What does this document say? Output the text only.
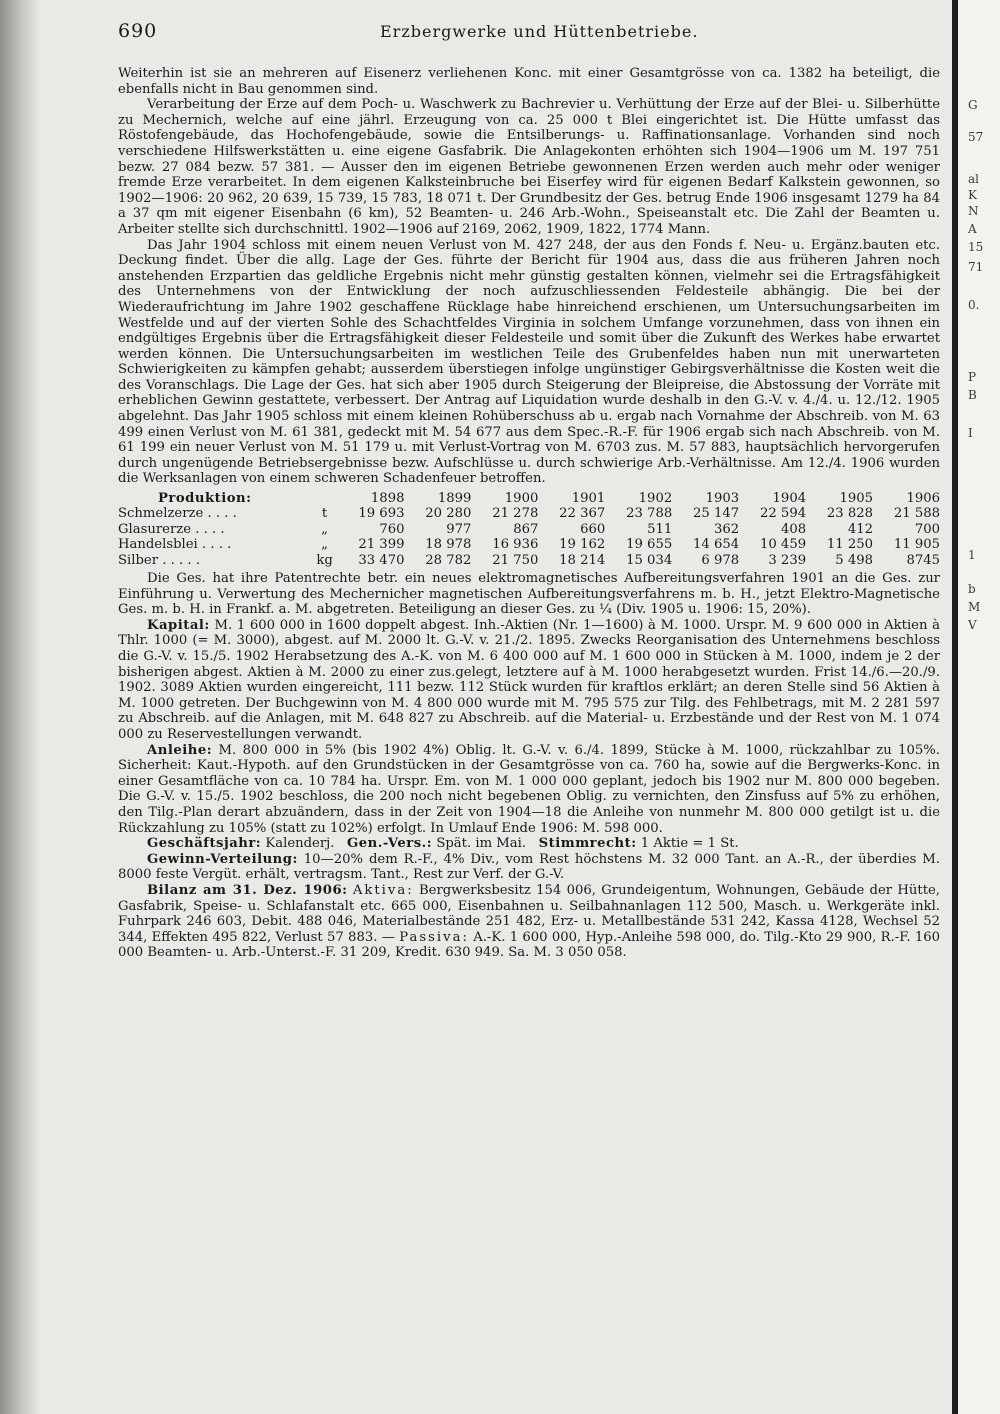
G
57
al
K
N
A
15
71
0.
P
B
I
1
b
M
V
690	Erzbergwerke und Hüttenbetriebe.

Weiterhin ist sie an mehreren auf Eisenerz verliehenen Konc. mit einer Gesamtgrösse von ca. 1382 ha beteiligt, die ebenfalls nicht in Bau genommen sind.

Verarbeitung der Erze auf dem Poch- u. Waschwerk zu Bachrevier u. Verhüttung der Erze auf der Blei- u. Silberhütte zu Mechernich, welche auf eine jährl. Erzeugung von ca. 25 000 t Blei eingerichtet ist. Die Hütte umfasst das Röstofengebäude, das Hochofengebäude, sowie die Entsilberungs- u. Raffinationsanlage. Vorhanden sind noch verschiedene Hilfswerkstätten u. eine eigene Gasfabrik. Die Anlagekonten erhöhten sich 1904—1906 um M. 197 751 bezw. 27 084 bezw. 57 381. — Ausser den im eigenen Betriebe gewonnenen Erzen werden auch mehr oder weniger fremde Erze verarbeitet. In dem eigenen Kalksteinbruche bei Eiserfey wird für eigenen Bedarf Kalkstein gewonnen, so 1902—1906: 20 962, 20 639, 15 739, 15 783, 18 071 t. Der Grundbesitz der Ges. betrug Ende 1906 insgesamt 1279 ha 84 a 37 qm mit eigener Eisenbahn (6 km), 52 Beamten- u. 246 Arb.-Wohn., Speiseanstalt etc. Die Zahl der Beamten u. Arbeiter stellte sich durchschnittl. 1902—1906 auf 2169, 2062, 1909, 1822, 1774 Mann.

Das Jahr 1904 schloss mit einem neuen Verlust von M. 427 248, der aus den Fonds f. Neu- u. Ergänz.bauten etc. Deckung findet. Über die allg. Lage der Ges. führte der Bericht für 1904 aus, dass die aus früheren Jahren noch anstehenden Erzpartien das geldliche Ergebnis nicht mehr günstig gestalten können, vielmehr sei die Ertragsfähigkeit des Unternehmens von der Entwicklung der noch aufzuschliessenden Feldesteile abhängig. Die bei der Wiederaufrichtung im Jahre 1902 geschaffene Rücklage habe hinreichend erschienen, um Untersuchungsarbeiten im Westfelde und auf der vierten Sohle des Schachtfeldes Virginia in solchem Umfange vorzunehmen, dass von ihnen ein endgültiges Ergebnis über die Ertragsfähigkeit dieser Feldesteile und somit über die Zukunft des Werkes habe erwartet werden können. Die Untersuchungsarbeiten im westlichen Teile des Grubenfeldes haben nun mit unerwarteten Schwierigkeiten zu kämpfen gehabt; ausserdem überstiegen infolge ungünstiger Gebirgsverhältnisse die Kosten weit die des Voranschlags. Die Lage der Ges. hat sich aber 1905 durch Steigerung der Bleipreise, die Abstossung der Vorräte mit erheblichen Gewinn gestattete, verbessert. Der Antrag auf Liquidation wurde deshalb in den G.-V. v. 4./4. u. 12./12. 1905 abgelehnt. Das Jahr 1905 schloss mit einem kleinen Rohüberschuss ab u. ergab nach Vornahme der Abschreib. von M. 63 499 einen Verlust von M. 61 381, gedeckt mit M. 54 677 aus dem Spec.-R.-F. für 1906 ergab sich nach Abschreib. von M. 61 199 ein neuer Verlust von M. 51 179 u. mit Verlust-Vortrag von M. 6703 zus. M. 57 883, hauptsächlich hervorgerufen durch ungenügende Betriebsergebnisse bezw. Aufschlüsse u. durch schwierige Arb.-Verhältnisse. Am 12./4. 1906 wurden die Werksanlagen von einem schweren Schadenfeuer betroffen.

Produktion:		1898	1899	1900	1901	1902	1903	1904	1905	1906
Schmelzerze . . . .	t	19 693	20 280	21 278	22 367	23 788	25 147	22 594	23 828	21 588
Glasurerze . . . .	„	760	977	867	660	511	362	408	412	700
Handelsblei . . . .	„	21 399	18 978	16 936	19 162	19 655	14 654	10 459	11 250	11 905
Silber . . . . .	kg	33 470	28 782	21 750	18 214	15 034	6 978	3 239	5 498	8745

Die Ges. hat ihre Patentrechte betr. ein neues elektromagnetisches Aufbereitungsverfahren 1901 an die Ges. zur Einführung u. Verwertung des Mechernicher magnetischen Aufbereitungsverfahrens m. b. H., jetzt Elektro-Magnetische Ges. m. b. H. in Frankf. a. M. abgetreten. Beteiligung an dieser Ges. zu ¼ (Div. 1905 u. 1906: 15, 20%).

Kapital: M. 1 600 000 in 1600 doppelt abgest. Inh.-Aktien (Nr. 1—1600) à M. 1000. Urspr. M. 9 600 000 in Aktien à Thlr. 1000 (= M. 3000), abgest. auf M. 2000 lt. G.-V. v. 21./2. 1895. Zwecks Reorganisation des Unternehmens beschloss die G.-V. v. 15./5. 1902 Herabsetzung des A.-K. von M. 6 400 000 auf M. 1 600 000 in Stücken à M. 1000, indem je 2 der bisherigen abgest. Aktien à M. 2000 zu einer zus.gelegt, letztere auf à M. 1000 herabgesetzt wurden. Frist 14./6.—20./9. 1902. 3089 Aktien wurden eingereicht, 111 bezw. 112 Stück wurden für kraftlos erklärt; an deren Stelle sind 56 Aktien à M. 1000 getreten. Der Buchgewinn von M. 4 800 000 wurde mit M. 795 575 zur Tilg. des Fehlbetrags, mit M. 2 281 597 zu Abschreib. auf die Anlagen, mit M. 648 827 zu Abschreib. auf die Material- u. Erzbestände und der Rest von M. 1 074 000 zu Reservestellungen verwandt.

Anleihe: M. 800 000 in 5% (bis 1902 4%) Oblig. lt. G.-V. v. 6./4. 1899, Stücke à M. 1000, rückzahlbar zu 105%. Sicherheit: Kaut.-Hypoth. auf den Grundstücken in der Gesamtgrösse von ca. 760 ha, sowie auf die Bergwerks-Konc. in einer Gesamtfläche von ca. 10 784 ha. Urspr. Em. von M. 1 000 000 geplant, jedoch bis 1902 nur M. 800 000 begeben. Die G.-V. v. 15./5. 1902 beschloss, die 200 noch nicht begebenen Oblig. zu vernichten, den Zinsfuss auf 5% zu erhöhen, den Tilg.-Plan derart abzuändern, dass in der Zeit von 1904—18 die Anleihe von nunmehr M. 800 000 getilgt ist u. die Rückzahlung zu 105% (statt zu 102%) erfolgt. In Umlauf Ende 1906: M. 598 000.

Geschäftsjahr: Kalenderj. Gen.-Vers.: Spät. im Mai. Stimmrecht: 1 Aktie = 1 St.

Gewinn-Verteilung: 10—20% dem R.-F., 4% Div., vom Rest höchstens M. 32 000 Tant. an A.-R., der überdies M. 8000 feste Vergüt. erhält, vertragsm. Tant., Rest zur Verf. der G.-V.

Bilanz am 31. Dez. 1906: Aktiva: Bergwerksbesitz 154 006, Grundeigentum, Wohnungen, Gebäude der Hütte, Gasfabrik, Speise- u. Schlafanstalt etc. 665 000, Eisenbahnen u. Seilbahnanlagen 112 500, Masch. u. Werkgeräte inkl. Fuhrpark 246 603, Debit. 488 046, Materialbestände 251 482, Erz- u. Metallbestände 531 242, Kassa 4128, Wechsel 52 344, Effekten 495 822, Verlust 57 883. — Passiva: A.-K. 1 600 000, Hyp.-Anleihe 598 000, do. Tilg.-Kto 29 900, R.-F. 160 000 Beamten- u. Arb.-Unterst.-F. 31 209, Kredit. 630 949. Sa. M. 3 050 058.
